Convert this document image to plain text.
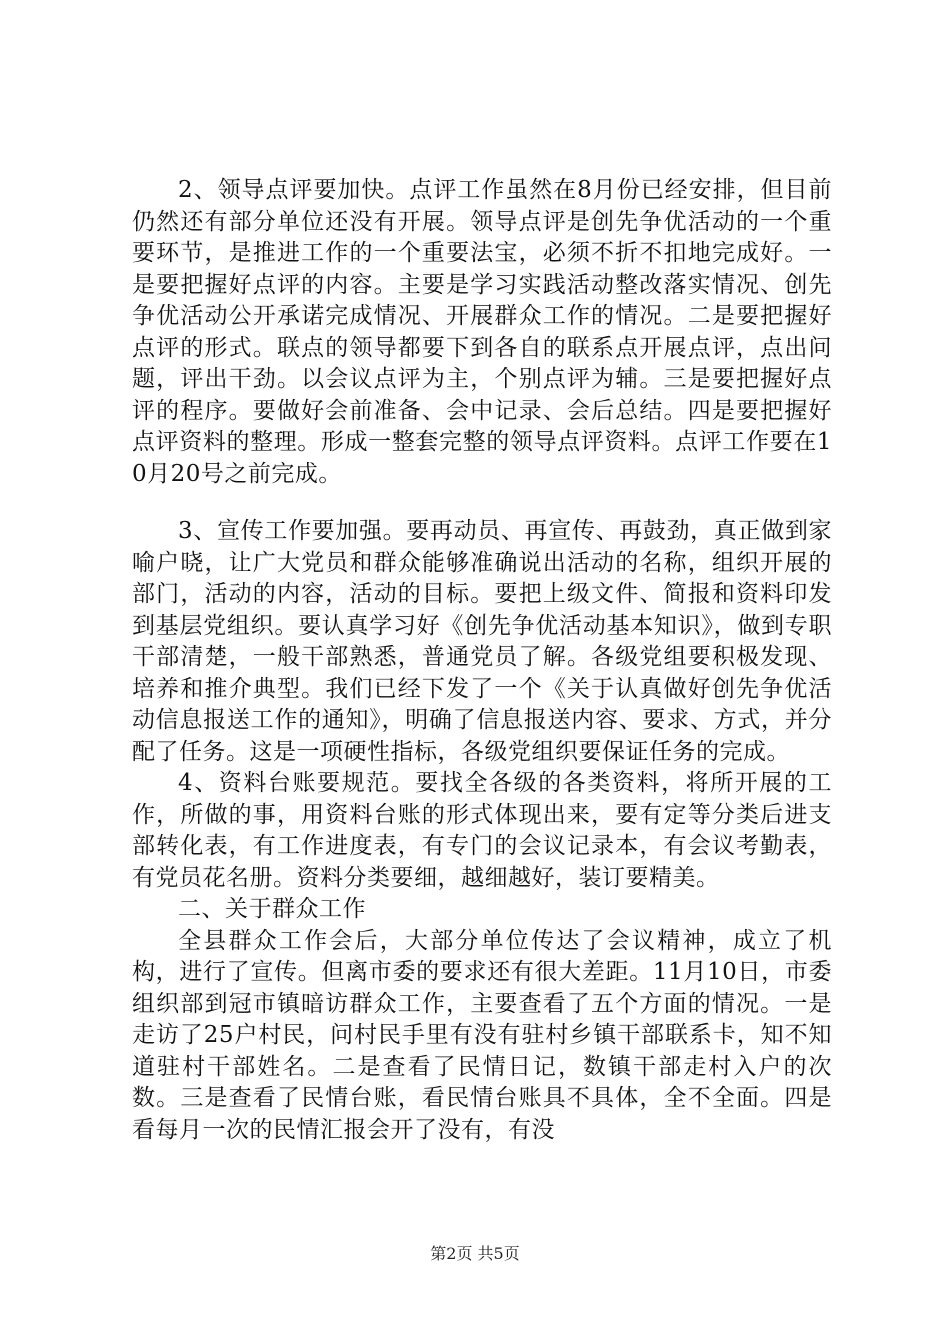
2、领导点评要加快。点评工作虽然在8月份已经安排，但目前仍然还有部分单位还没有开展。领导点评是创先争优活动的一个重要环节，是推进工作的一个重要法宝，必须不折不扣地完成好。一是要把握好点评的内容。主要是学习实践活动整改落实情况、创先争优活动公开承诺完成情况、开展群众工作的情况。二是要把握好点评的形式。联点的领导都要下到各自的联系点开展点评，点出问题，评出干劲。以会议点评为主，个别点评为辅。三是要把握好点评的程序。要做好会前准备、会中记录、会后总结。四是要把握好点评资料的整理。形成一整套完整的领导点评资料。点评工作要在10月20号之前完成。

3、宣传工作要加强。要再动员、再宣传、再鼓劲，真正做到家喻户晓，让广大党员和群众能够准确说出活动的名称，组织开展的部门，活动的内容，活动的目标。要把上级文件、简报和资料印发到基层党组织。要认真学习好《创先争优活动基本知识》，做到专职干部清楚，一般干部熟悉，普通党员了解。各级党组要积极发现、培养和推介典型。我们已经下发了一个《关于认真做好创先争优活动信息报送工作的通知》，明确了信息报送内容、要求、方式，并分配了任务。这是一项硬性指标，各级党组织要保证任务的完成。

4、资料台账要规范。要找全各级的各类资料，将所开展的工作，所做的事，用资料台账的形式体现出来，要有定等分类后进支部转化表，有工作进度表，有专门的会议记录本，有会议考勤表，有党员花名册。资料分类要细，越细越好，装订要精美。

二、关于群众工作

全县群众工作会后，大部分单位传达了会议精神，成立了机构，进行了宣传。但离市委的要求还有很大差距。11月10日，市委组织部到冠市镇暗访群众工作，主要查看了五个方面的情况。一是走访了25户村民，问村民手里有没有驻村乡镇干部联系卡，知不知道驻村干部姓名。二是查看了民情日记，数镇干部走村入户的次数。三是查看了民情台账，看民情台账具不具体，全不全面。四是看每月一次的民情汇报会开了没有，有没

第2页 共5页
